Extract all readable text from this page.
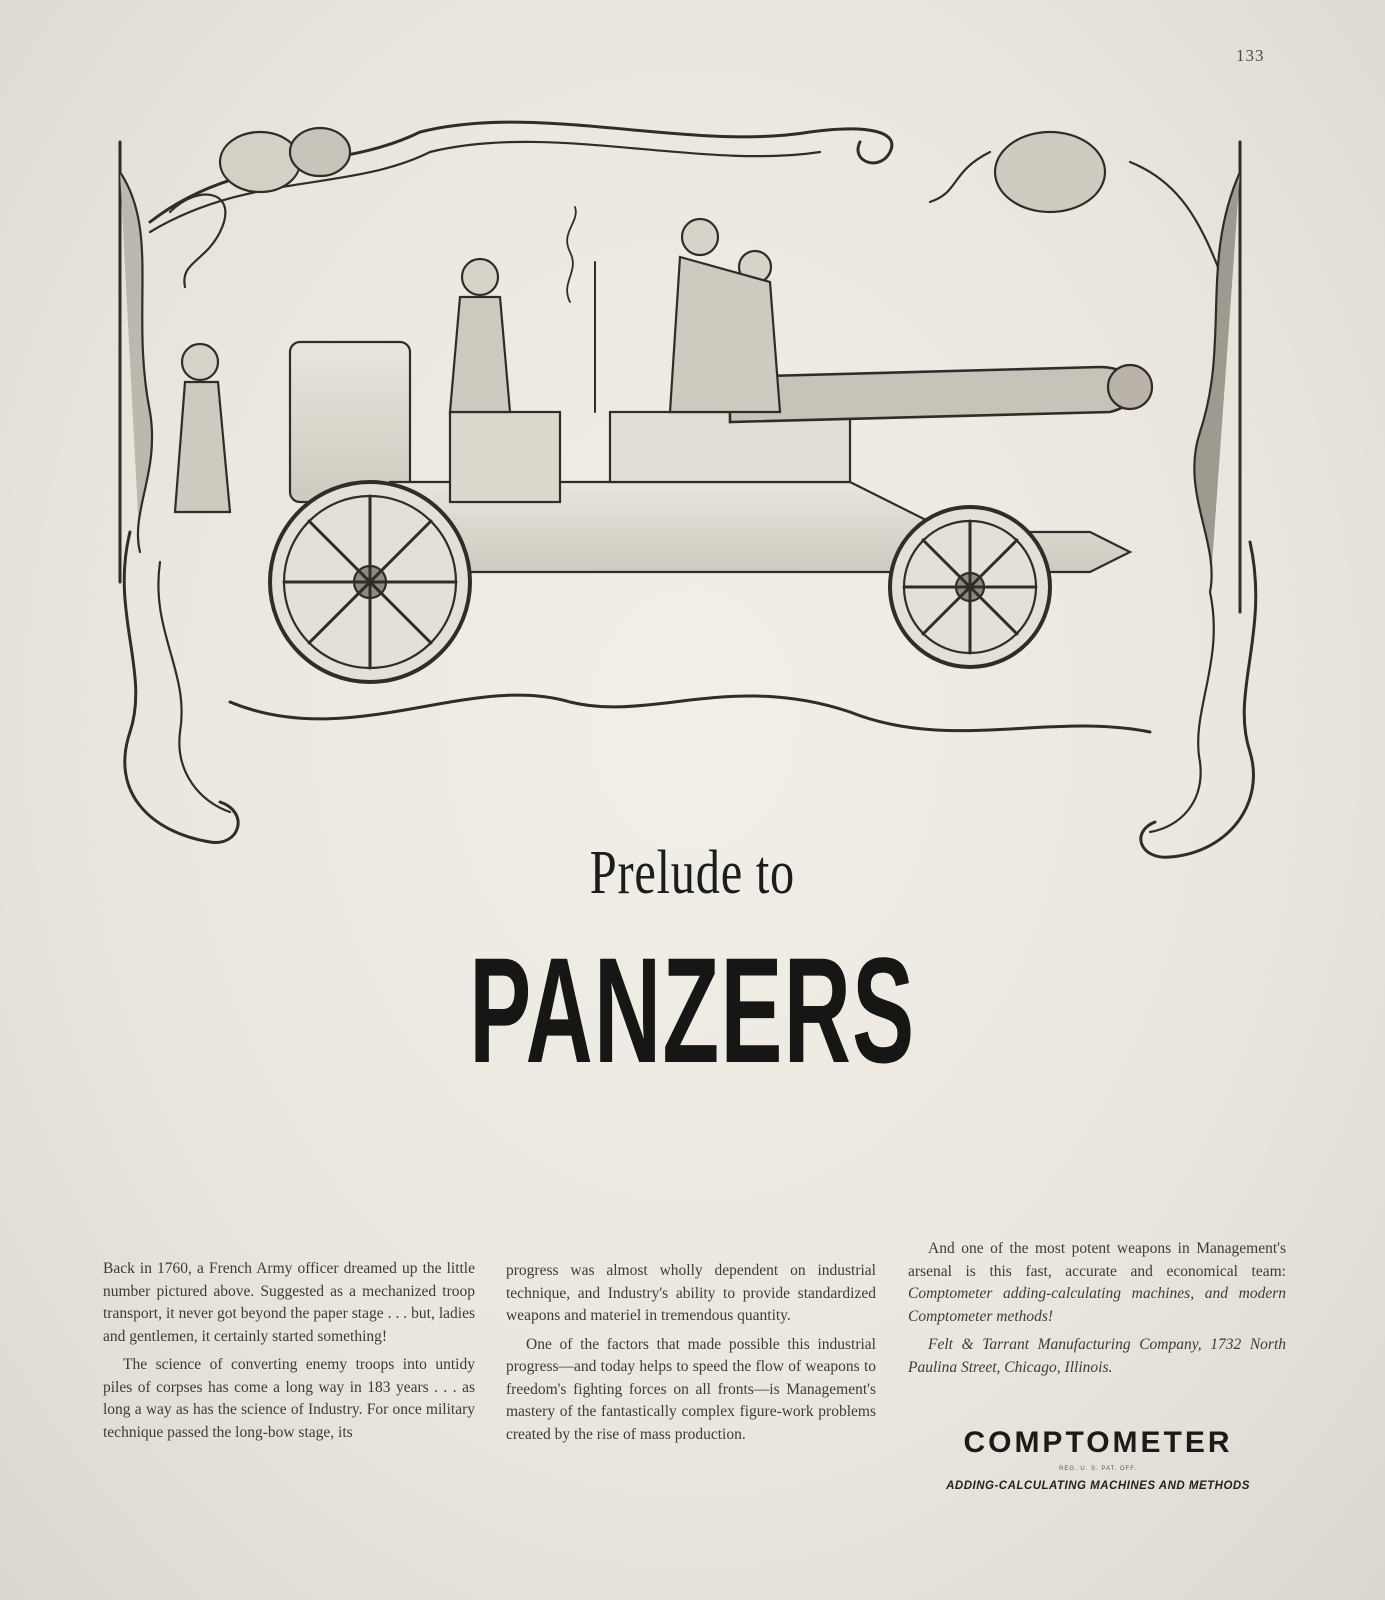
133
Prelude to
PANZERS

Back in 1760, a French Army officer dreamed up the little number pictured above. Suggested as a mechanized troop transport, it never got beyond the paper stage . . . but, ladies and gentlemen, it certainly started something!

The science of converting enemy troops into untidy piles of corpses has come a long way in 183 years . . . as long a way as has the science of Industry. For once military technique passed the long-bow stage, its

progress was almost wholly dependent on industrial technique, and Industry's ability to provide standardized weapons and materiel in tremendous quantity.

One of the factors that made possible this industrial progress—and today helps to speed the flow of weapons to freedom's fighting forces on all fronts—is Management's mastery of the fantastically complex figure-work problems created by the rise of mass production.

And one of the most potent weapons in Management's arsenal is this fast, accurate and economical team: Comptometer adding-calculating machines, and modern Comptometer methods!

Felt & Tarrant Manufacturing Company, 1732 North Paulina Street, Chicago, Illinois.

COMPTOMETER
REG. U. S. PAT. OFF.
ADDING-CALCULATING MACHINES AND METHODS
